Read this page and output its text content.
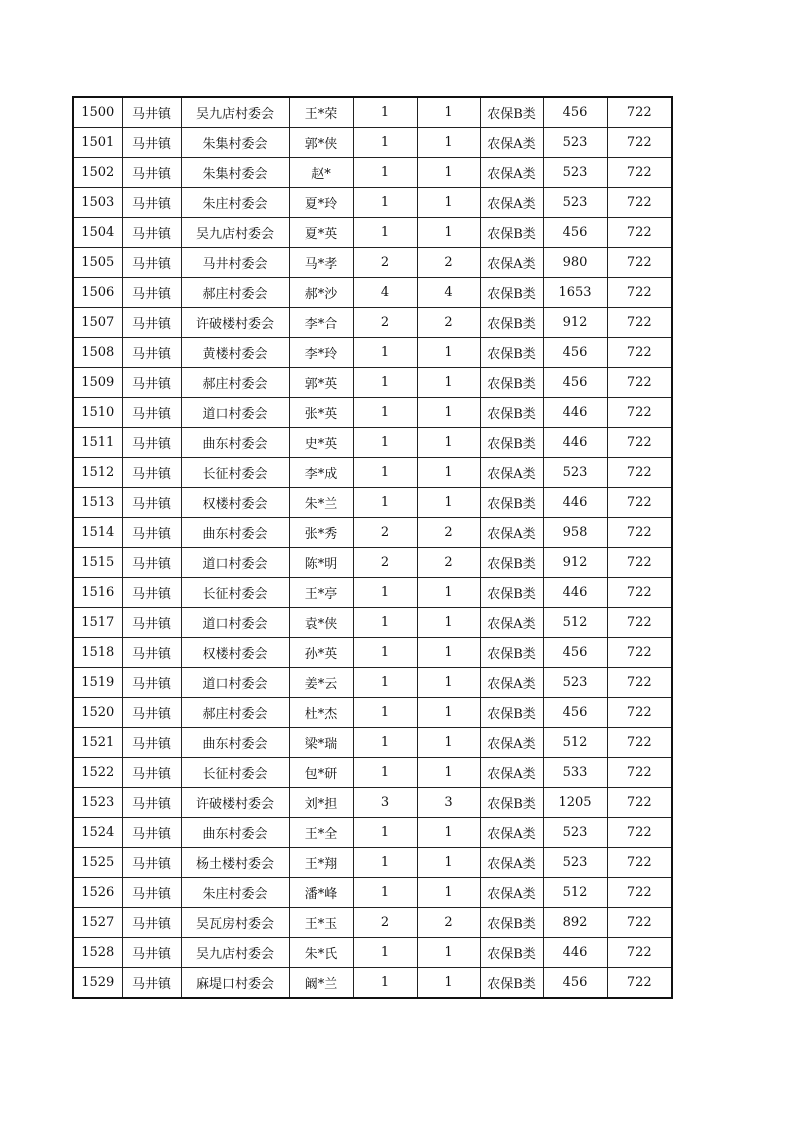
1500	马井镇	吴九店村委会	王*荣	1	1	农保B类	456	722
1501	马井镇	朱集村委会	郭*侠	1	1	农保A类	523	722
1502	马井镇	朱集村委会	赵*	1	1	农保A类	523	722
1503	马井镇	朱庄村委会	夏*玲	1	1	农保A类	523	722
1504	马井镇	吴九店村委会	夏*英	1	1	农保B类	456	722
1505	马井镇	马井村委会	马*孝	2	2	农保A类	980	722
1506	马井镇	郝庄村委会	郝*沙	4	4	农保B类	1653	722
1507	马井镇	许破楼村委会	李*合	2	2	农保B类	912	722
1508	马井镇	黄楼村委会	李*玲	1	1	农保B类	456	722
1509	马井镇	郝庄村委会	郭*英	1	1	农保B类	456	722
1510	马井镇	道口村委会	张*英	1	1	农保B类	446	722
1511	马井镇	曲东村委会	史*英	1	1	农保B类	446	722
1512	马井镇	长征村委会	李*成	1	1	农保A类	523	722
1513	马井镇	权楼村委会	朱*兰	1	1	农保B类	446	722
1514	马井镇	曲东村委会	张*秀	2	2	农保A类	958	722
1515	马井镇	道口村委会	陈*明	2	2	农保B类	912	722
1516	马井镇	长征村委会	王*亭	1	1	农保B类	446	722
1517	马井镇	道口村委会	袁*侠	1	1	农保A类	512	722
1518	马井镇	权楼村委会	孙*英	1	1	农保B类	456	722
1519	马井镇	道口村委会	姜*云	1	1	农保A类	523	722
1520	马井镇	郝庄村委会	杜*杰	1	1	农保B类	456	722
1521	马井镇	曲东村委会	梁*瑞	1	1	农保A类	512	722
1522	马井镇	长征村委会	包*研	1	1	农保A类	533	722
1523	马井镇	许破楼村委会	刘*担	3	3	农保B类	1205	722
1524	马井镇	曲东村委会	王*全	1	1	农保A类	523	722
1525	马井镇	杨土楼村委会	王*翔	1	1	农保A类	523	722
1526	马井镇	朱庄村委会	潘*峰	1	1	农保A类	512	722
1527	马井镇	吴瓦房村委会	王*玉	2	2	农保B类	892	722
1528	马井镇	吴九店村委会	朱*氏	1	1	农保B类	446	722
1529	马井镇	麻堤口村委会	阚*兰	1	1	农保B类	456	722
